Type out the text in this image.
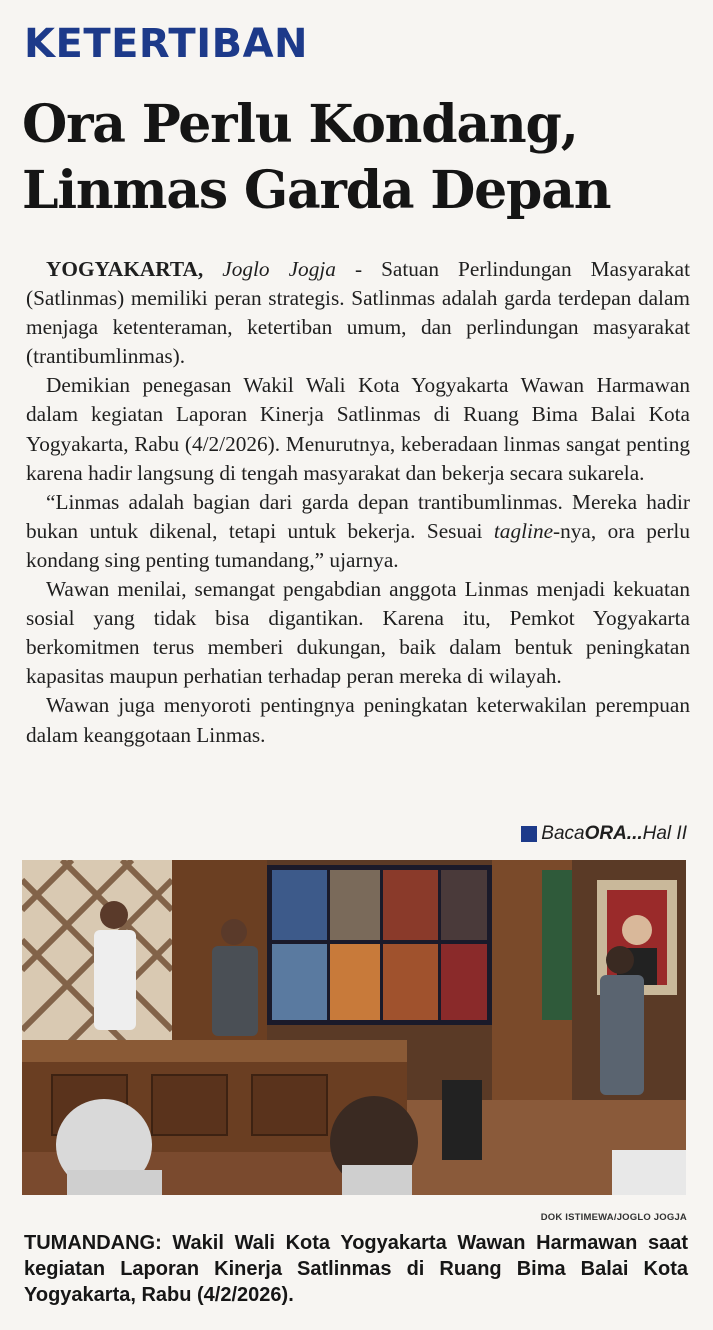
KETERTIBAN
Ora Perlu Kondang,
Linmas Garda Depan

YOGYAKARTA, Joglo Jogja - Satuan Perlindungan Masyarakat (Satlinmas) memiliki peran strategis. Satlinmas adalah garda terdepan dalam menjaga ketenteraman, ketertiban umum, dan perlindungan masyarakat (trantibumlinmas).

Demikian penegasan Wakil Wali Kota Yogyakarta Wawan Harmawan dalam kegiatan Laporan Kinerja Satlinmas di Ruang Bima Balai Kota Yogyakarta, Rabu (4/2/2026). Menurutnya, keberadaan linmas sangat penting karena hadir langsung di tengah masyarakat dan bekerja secara sukarela.

“Linmas adalah bagian dari garda depan trantibumlinmas. Mereka hadir bukan untuk dikenal, tetapi untuk bekerja. Sesuai tagline-nya, ora perlu kondang sing penting tumandang,” ujarnya.

Wawan menilai, semangat pengabdian anggota Linmas menjadi kekuatan sosial yang tidak bisa digantikan. Karena itu, Pemkot Yogyakarta berkomitmen terus memberi dukungan, baik dalam bentuk peningkatan kapasitas maupun perhatian terhadap peran mereka di wilayah.

Wawan juga menyoroti pentingnya peningkatan keterwakilan perempuan dalam keanggotaan Linmas.

Baca ORA... Hal II
DOK ISTIMEWA/JOGLO JOGJA
TUMANDANG: Wakil Wali Kota Yogyakarta Wawan Harmawan saat kegiatan Laporan Kinerja Satlinmas di Ruang Bima Balai Kota Yogyakarta, Rabu (4/2/2026).
